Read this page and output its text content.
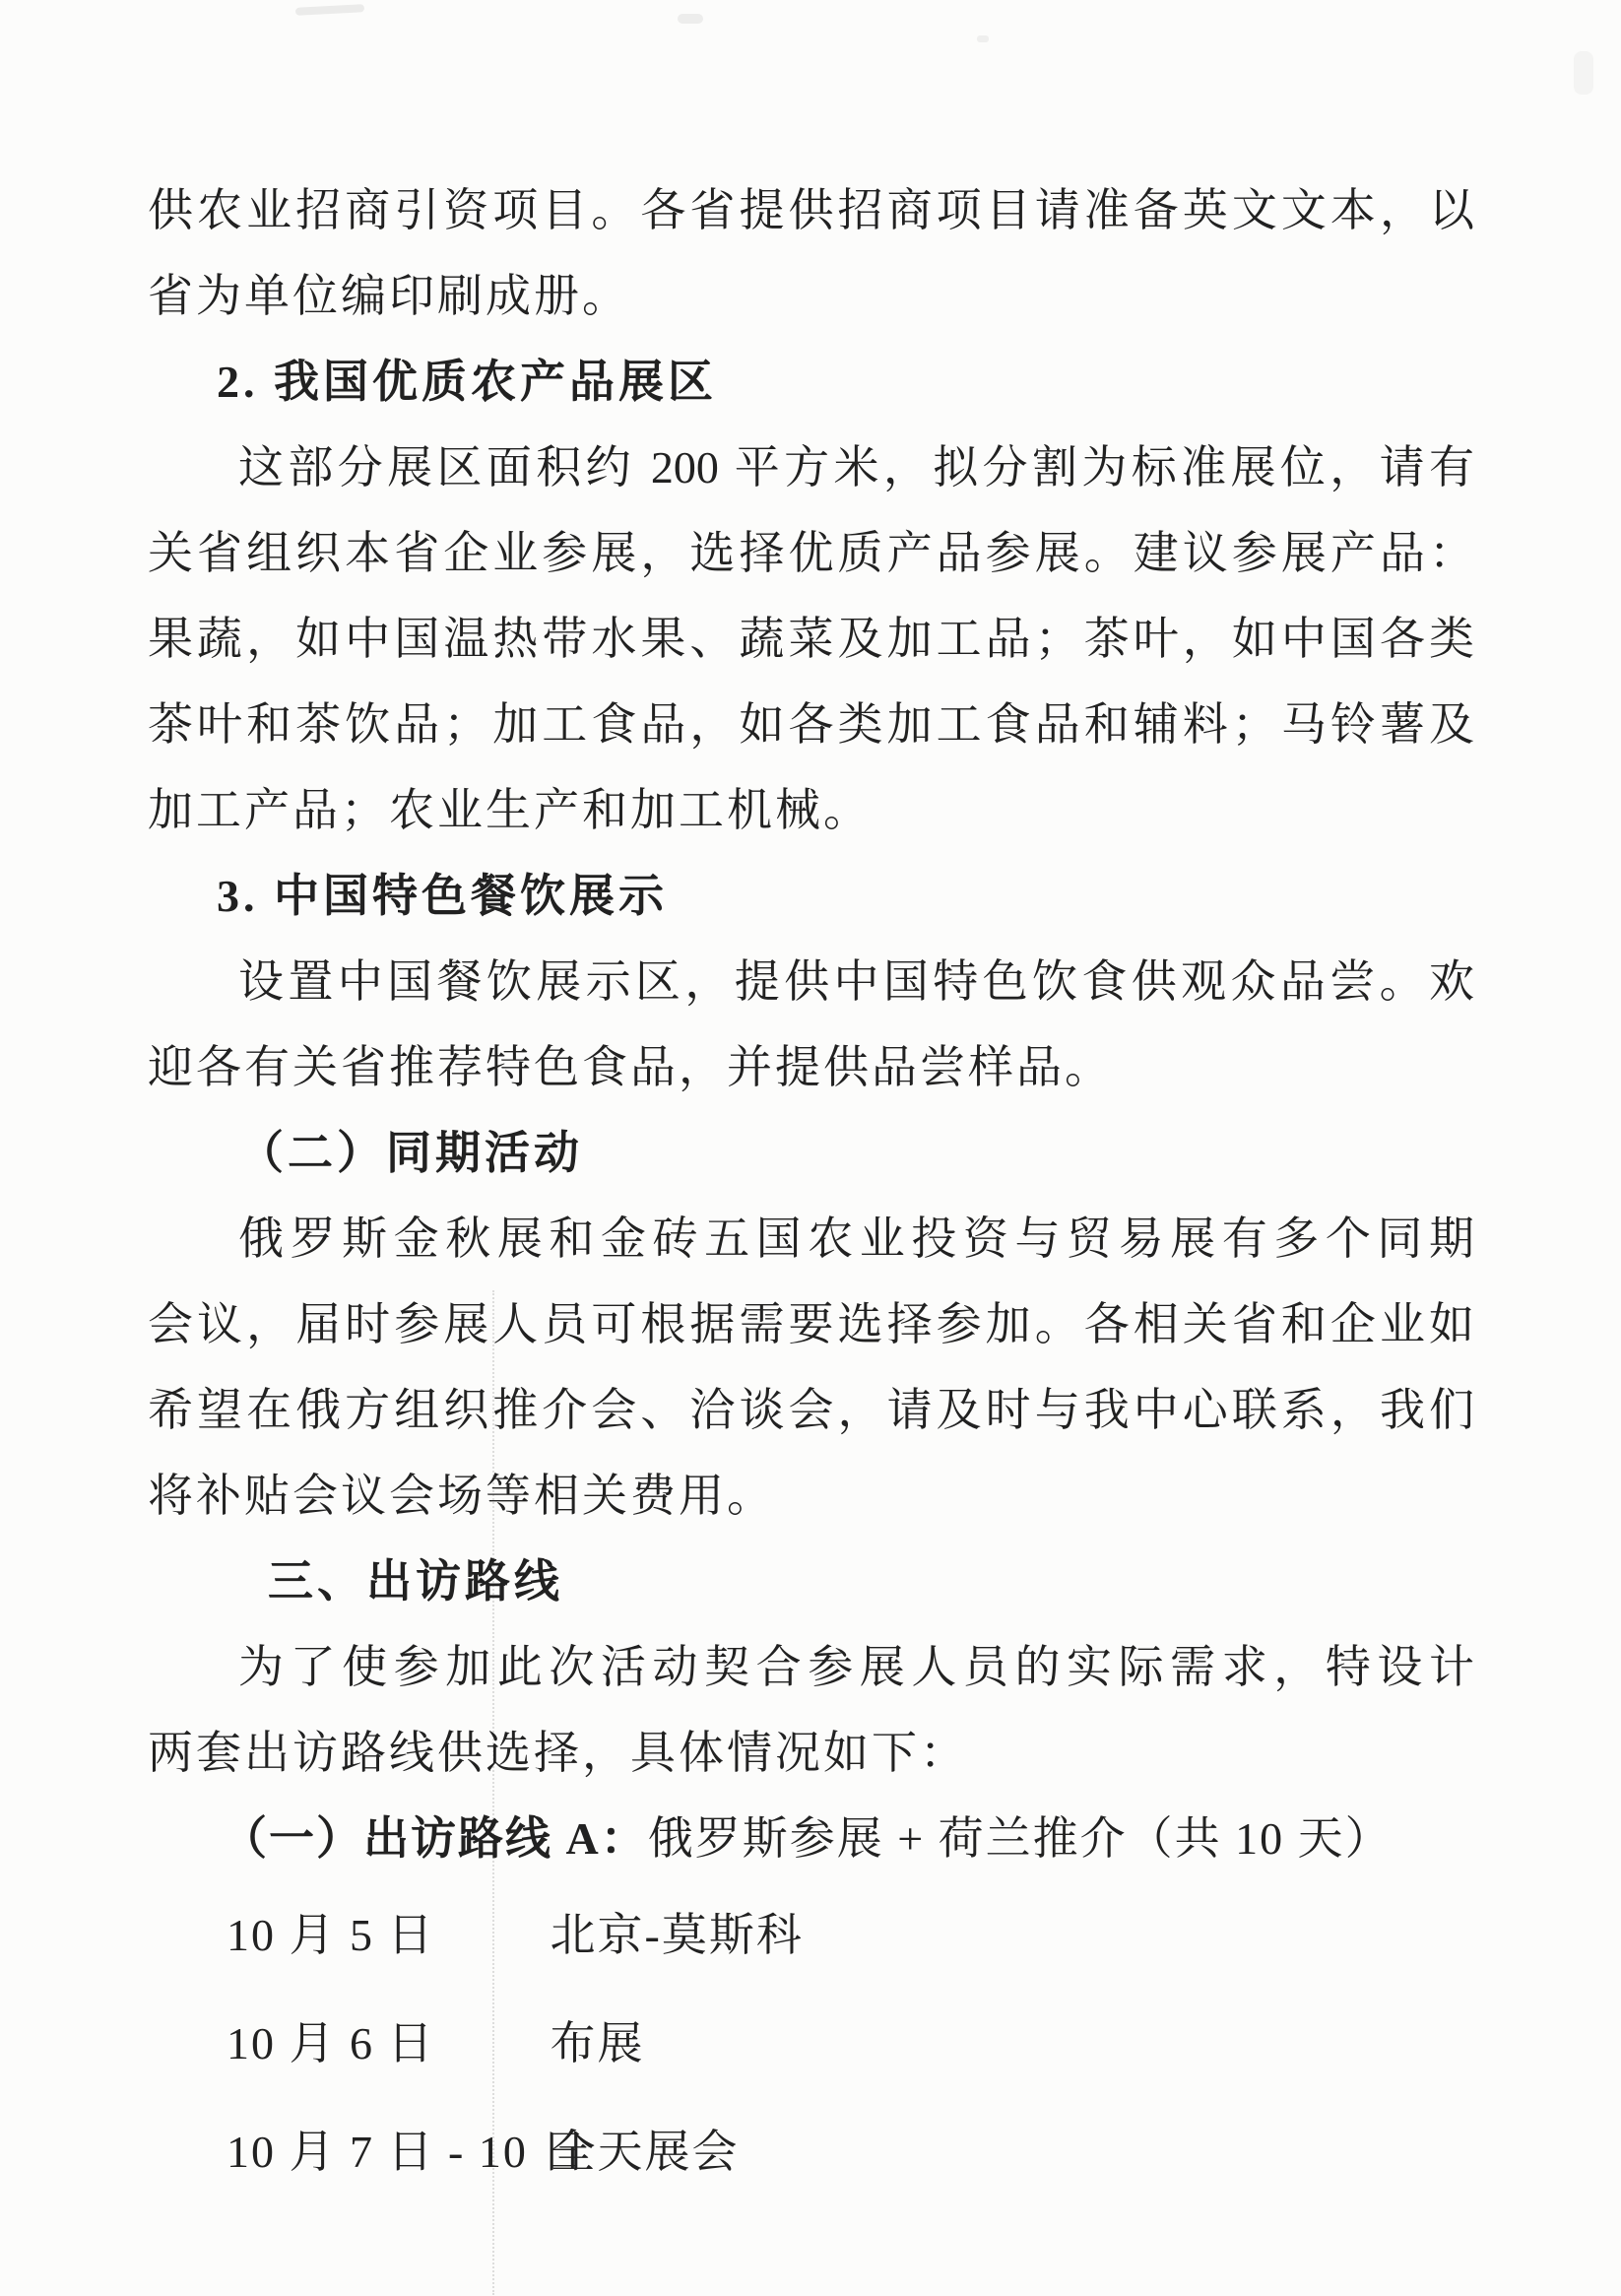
供农业招商引资项目。各省提供招商项目请准备英文文本，以
省为单位编印刷成册。
2. 我国优质农产品展区
这部分展区面积约 200 平方米，拟分割为标准展位，请有
关省组织本省企业参展，选择优质产品参展。建议参展产品：
果蔬，如中国温热带水果、蔬菜及加工品；茶叶，如中国各类
茶叶和茶饮品；加工食品，如各类加工食品和辅料；马铃薯及
加工产品；农业生产和加工机械。
3. 中国特色餐饮展示
设置中国餐饮展示区，提供中国特色饮食供观众品尝。欢
迎各有关省推荐特色食品，并提供品尝样品。
（二）同期活动
俄罗斯金秋展和金砖五国农业投资与贸易展有多个同期
会议，届时参展人员可根据需要选择参加。各相关省和企业如
希望在俄方组织推介会、洽谈会，请及时与我中心联系，我们
将补贴会议会场等相关费用。
三、出访路线
为了使参加此次活动契合参展人员的实际需求，特设计
两套出访路线供选择，具体情况如下：
（一）出访路线 A：俄罗斯参展 + 荷兰推介（共 10 天）
10 月 5 日	北京-莫斯科
10 月 6 日	布展
10 月 7 日 - 10 日 全天展会
